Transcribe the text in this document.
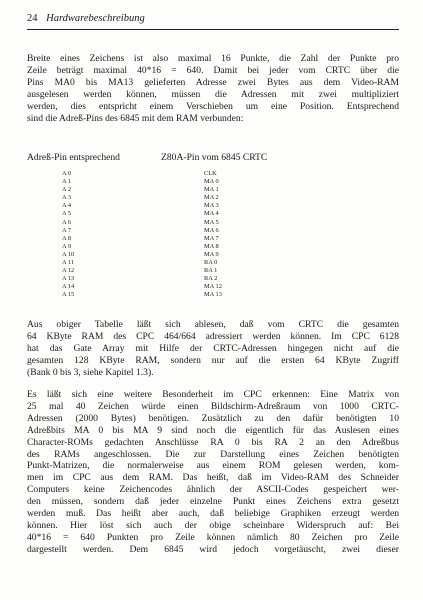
24 Hardwarebeschreibung
Breite eines Zeichens ist also maximal 16 Punkte, die Zahl der Punkte pro
Zeile beträgt maximal 40*16 = 640. Damit bei jeder vom CRTC über die
Pins MA0 bis MA13 gelieferten Adresse zwei Bytes aus dem Video-RAM
ausgelesen werden können, müssen die Adressen mit zwei multipliziert
werden, dies entspricht einem Verschieben um eine Position. Entsprechend
sind die Adreß-Pins des 6845 mit dem RAM verbunden:
Adreß-Pin entsprechend	Z80A-Pin vom 6845 CRTC
A 0
A 1
A 2
A 3
A 4
A 5
A 6
A 7
A 8
A 9
A 10
A 11
A 12
A 13
A 14
A 15
CLK
MA 0
MA 1
MA 2
MA 3
MA 4
MA 5
MA 6
MA 7
MA 8
MA 9
RA 0
RA 1
RA 2
MA 12
MA 13
Aus obiger Tabelle läßt sich ablesen, daß vom CRTC die gesamten
64 KByte RAM des CPC 464/664 adressiert werden können. Im CPC 6128
hat das Gate Array mit Hilfe der CRTC-Adressen hingegen nicht auf die
gesamten 128 KByte RAM, sondern nur auf die ersten 64 KByte Zugriff
(Bank 0 bis 3, siehe Kapitel 1.3).
Es läßt sich eine weitere Besonderheit im CPC erkennen: Eine Matrix von
25 mal 40 Zeichen würde einen Bildschirm-Adreßraum von 1000 CRTC-
Adressen (2000 Bytes) benötigen. Zusätzlich zu den dafür benötigten 10
Adreßbits MA 0 bis MA 9 sind noch die eigentlich für das Auslesen eines
Character-ROMs gedachten Anschlüsse RA 0 bis RA 2 an den Adreßbus
des RAMs angeschlossen. Die zur Darstellung eines Zeichen benötigten
Punkt-Matrizen, die normalerweise aus einem ROM gelesen werden, kom-
men im CPC aus dem RAM. Das heißt, daß im Video-RAM des Schneider
Computers keine Zeichencodes ähnlich der ASCII-Codes gespeichert wer-
den müssen, sondern daß jeder einzelne Punkt eines Zeichens extra gesetzt
werden muß. Das heißt aber auch, daß beliebige Graphiken erzeugt werden
können. Hier löst sich auch der obige scheinbare Widerspruch auf: Bei
40*16 = 640 Punkten pro Zeile können nämlich 80 Zeichen pro Zeile
dargestellt werden. Dem 6845 wird jedoch vorgetäuscht, zwei dieser
